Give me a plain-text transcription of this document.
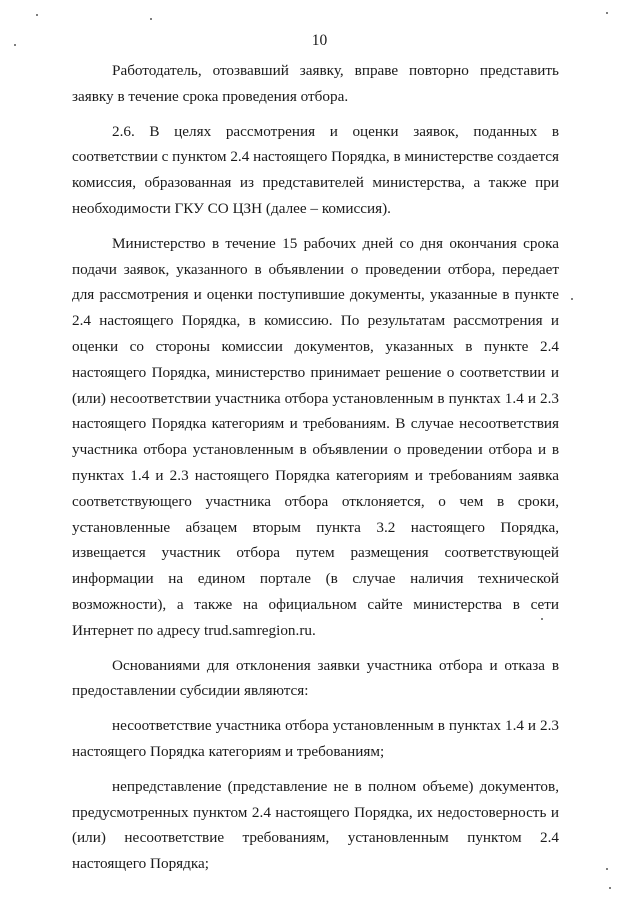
10

Работодатель, отозвавший заявку, вправе повторно представить заявку в течение срока проведения отбора.

2.6. В целях рассмотрения и оценки заявок, поданных в соответствии с пунктом 2.4 настоящего Порядка, в министерстве создается комиссия, образованная из представителей министерства, а также при необходимости ГКУ СО ЦЗН (далее – комиссия).

Министерство в течение 15 рабочих дней со дня окончания срока подачи заявок, указанного в объявлении о проведении отбора, передает для рассмотрения и оценки поступившие документы, указанные в пункте 2.4 настоящего Порядка, в комиссию. По результатам рассмотрения и оценки со стороны комиссии документов, указанных в пункте 2.4 настоящего Порядка, министерство принимает решение о соответствии и (или) несоответствии участника отбора установленным в пунктах 1.4 и 2.3 настоящего Порядка категориям и требованиям. В случае несоответствия участника отбора установленным в объявлении о проведении отбора и в пунктах 1.4 и 2.3 настоящего Порядка категориям и требованиям заявка соответствующего участника отбора отклоняется, о чем в сроки, установленные абзацем вторым пункта 3.2 настоящего Порядка, извещается участник отбора путем размещения соответствующей информации на едином портале (в случае наличия технической возможности), а также на официальном сайте министерства в сети Интернет по адресу trud.samregion.ru.

Основаниями для отклонения заявки участника отбора и отказа в предоставлении субсидии являются:

несоответствие участника отбора установленным в пунктах 1.4 и 2.3 настоящего Порядка категориям и требованиям;

непредставление (представление не в полном объеме) документов, предусмотренных пунктом 2.4 настоящего Порядка, их недостоверность и (или) несоответствие требованиям, установленным пунктом 2.4 настоящего Порядка;
